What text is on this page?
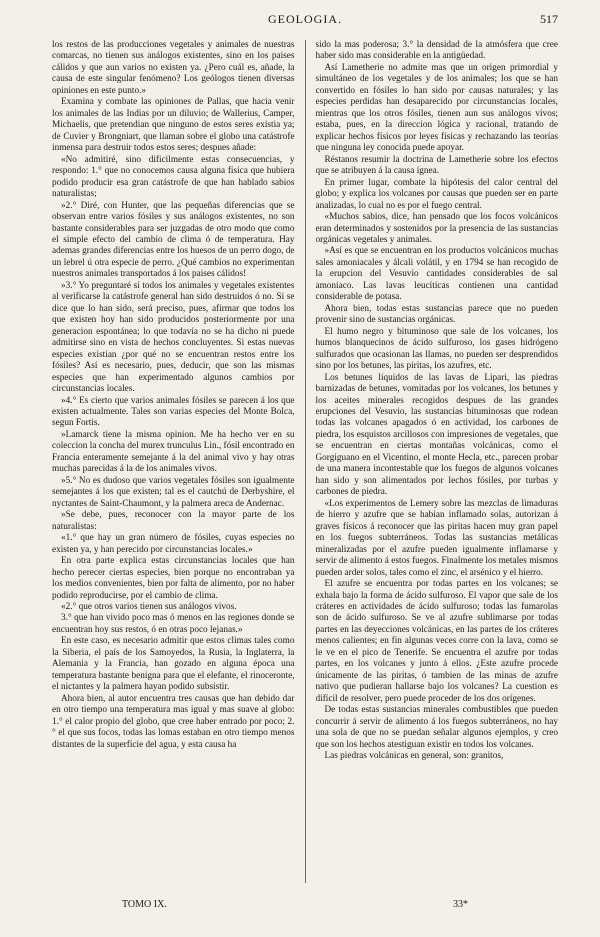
GEOLOGIA.	517

los restos de las producciones vegetales y animales de nuestras comarcas, no tienen sus análogos existentes, sino en los paises cálidos y que aun varios no existen ya. ¿Pero cuál es, añade, la causa de este singular fenómeno? Los geólogos tienen diversas opiniones en este punto.»

Examina y combate las opiniones de Pallas, que hacia venir los animales de las Indias por un diluvio; de Wallerius, Camper, Michaelis, que pretendian que ninguno de estos seres existia ya; de Cuvier y Brongniart, que llaman sobre el globo una catástrofe inmensa para destruir todos estos seres; despues añade:

«No admitiré, sino dificilmente estas consecuencias, y respondo: 1.° que no conocemos causa alguna física que hubiera podido producir esa gran catástrofe de que han hablado sabios naturalistas;

»2.° Diré, con Hunter, que las pequeñas diferencias que se observan entre varios fósiles y sus análogos existentes, no son bastante considerables para ser juzgadas de otro modo que como el simple efecto del cambio de clima ó de temperatura. Hay ademas grandes diferencias entre los huesos de un perro dogo, de un lebrel ú otra especie de perro. ¿Qué cambios no experimentan nuestros animales transportados á los paises cálidos!

»3.° Yo preguntaré si todos los animales y vegetales existentes al verificarse la catástrofe general han sido destruidos ó no. Si se dice que lo han sido, será preciso, pues, afirmar que todos los que existen hoy han sido producidos posteriormente por una generacion espontánea; lo que todavía no se ha dicho ni puede admitirse sino en vista de hechos concluyentes. Si estas nuevas especies existian ¿por qué no se encuentran restos entre los fósiles? Así es necesario, pues, deducir, que son las mismas especies que han experimentado algunos cambios por circunstancias locales.

»4.° Es cierto que varios animales fósiles se parecen á los que existen actualmente. Tales son varias especies del Monte Bolca, segun Fortis.

»Lamarck tiene la misma opinion. Me ha hecho ver en su coleccion la concha del murex trunculus Lin., fósil encontrado en Francia enteramente semejante á la del animal vivo y hay otras muchas parecidas á la de los animales vivos.

»5.° No es dudoso que varios vegetales fósiles son igualmente semejantes á los que existen; tal es el cautchú de Derbyshire, el nyctantes de Saint-Chaumont, y la palmera areca de Andernac.

»Se debe, pues, reconocer con la mayor parte de los naturalistas:

«1.° que hay un gran número de fósiles, cuyas especies no existen ya, y han perecido por circunstancias locales.»

En otra parte explica estas circunstancias locales que han hecho perecer ciertas especies, bien porque no encontraban ya los medios convenientes, bien por falta de alimento, por no haber podido reproducirse, por el cambio de clima.

«2.° que otros varios tienen sus análogos vivos.

3.° que han vivido poco mas ó menos en las regiones donde se encuentran hoy sus restos, ó en otras poco lejanas.»

En este caso, es necesario admitir que estos climas tales como la Siberia, el país de los Samoyedos, la Rusia, la Inglaterra, la Alemania y la Francia, han gozado en alguna época una temperatura bastante benigna para que el elefante, el rinoceronte, el nictantes y la palmera hayan podido subsistir.

Ahora bien, al autor encuentra tres causas que han debido dar en otro tiempo una temperatura mas igual y mas suave al globo: 1.° el calor propio del globo, que cree haber entrado por poco; 2.° el que sus focos, todas las lomas estaban en otro tiempo menos distantes de la superficie del agua, y esta causa ha

sido la mas poderosa; 3.° la densidad de la atmósfera que cree haber sido mas considerable en la antigüedad.

Así Lametherie no admite mas que un origen primordial y simultáneo de los vegetales y de los animales; los que se han convertido en fósiles lo han sido por causas naturales; y las especies perdidas han desaparecido por circunstancias locales, mientras que los otros fósiles, tienen aun sus análogos vivos; estaba, pues, en la direccion lógica y racional, tratando de explicar hechos físicos por leyes físicas y rechazando las teorías que ninguna ley conocida puede apoyar.

Réstanos resumir la doctrina de Lametherie sobre los efectos que se atribuyen á la causa ígnea.

En primer lugar, combate la hipótesis del calor central del globo; y explica los volcanes por causas que pueden ser en parte analizadas, lo cual no es por el fuego central.

«Muchos sabios, dice, han pensado que los focos volcánicos eran determinados y sostenidos por la presencia de las sustancias orgánicas vegetales y animales.

»Así es que se encuentran en los productos volcánicos muchas sales amoniacales y álcali volátil, y en 1794 se han recogido de la erupcion del Vesuvio cantidades considerables de sal amoniaco. Las lavas leucíticas contienen una cantidad considerable de potasa.

Ahora bien, todas estas sustancias parece que no pueden provenir sino de sustancias orgánicas.

El humo negro y bituminoso que sale de los volcanes, los humos blanquecinos de ácido sulfuroso, los gases hidrógeno sulfurados que ocasionan las llamas, no pueden ser desprendidos sino por los betunes, las piritas, los azufres, etc.

Los betunes líquidos de las lavas de Lipari, las piedras barnizadas de betunes, vomitadas por los volcanes, los betunes y los aceites minerales recogidos despues de las grandes erupciones del Vesuvio, las sustancias bituminosas que rodean todas las volcanes apagados ó en actividad, los carbones de piedra, los esquistos arcillosos con impresiones de vegetales, que se encuentran en ciertas montañas volcánicas, como el Gorgiguano en el Vicentino, el monte Hecla, etc., parecen probar de una manera incontestable que los fuegos de algunos volcanes han sido y son alimentados por lechos fósiles, por turbas y carbones de piedra.

«Los experimentos de Lemery sobre las mezclas de limaduras de hierro y azufre que se habian inflamado solas, autorizan á graves físicos á reconocer que las piritas hacen muy gran papel en los fuegos subterráneos. Todas las sustancias metálicas mineralizadas por el azufre pueden igualmente inflamarse y servir de alimento á estos fuegos. Finalmente los metales mismos pueden arder solos, tales como el zinc, el arsénico y el hierro.

El azufre se encuentra por todas partes en los volcanes; se exhala bajo la forma de ácido sulfuroso. El vapor que sale de los cráteres en actividades de ácido sulfuroso; todas las fumarolas son de ácido sulfuroso. Se ve al azufre sublimarse por todas partes en las deyecciones volcánicas, en las partes de los cráteres menos calientes; en fin algunas veces corre con la lava, como se le ve en el pico de Tenerife. Se encuentra el azufre por todas partes, en los volcanes y junto á ellos. ¿Este azufre procede únicamente de las piritas, ó tambien de las minas de azufre nativo que pudieran hallarse bajo los volcanes? La cuestion es difícil de resolver, pero puede proceder de los dos orígenes.

De todas estas sustancias minerales combustibles que pueden concurrir á servir de alimento á los fuegos subterráneos, no hay una sola de que no se puedan señalar algunos ejemplos, y creo que son los hechos atestiguan existir en todos los volcanes.

Las piedras volcánicas en general, son: granitos,

TOMO IX.	33*
